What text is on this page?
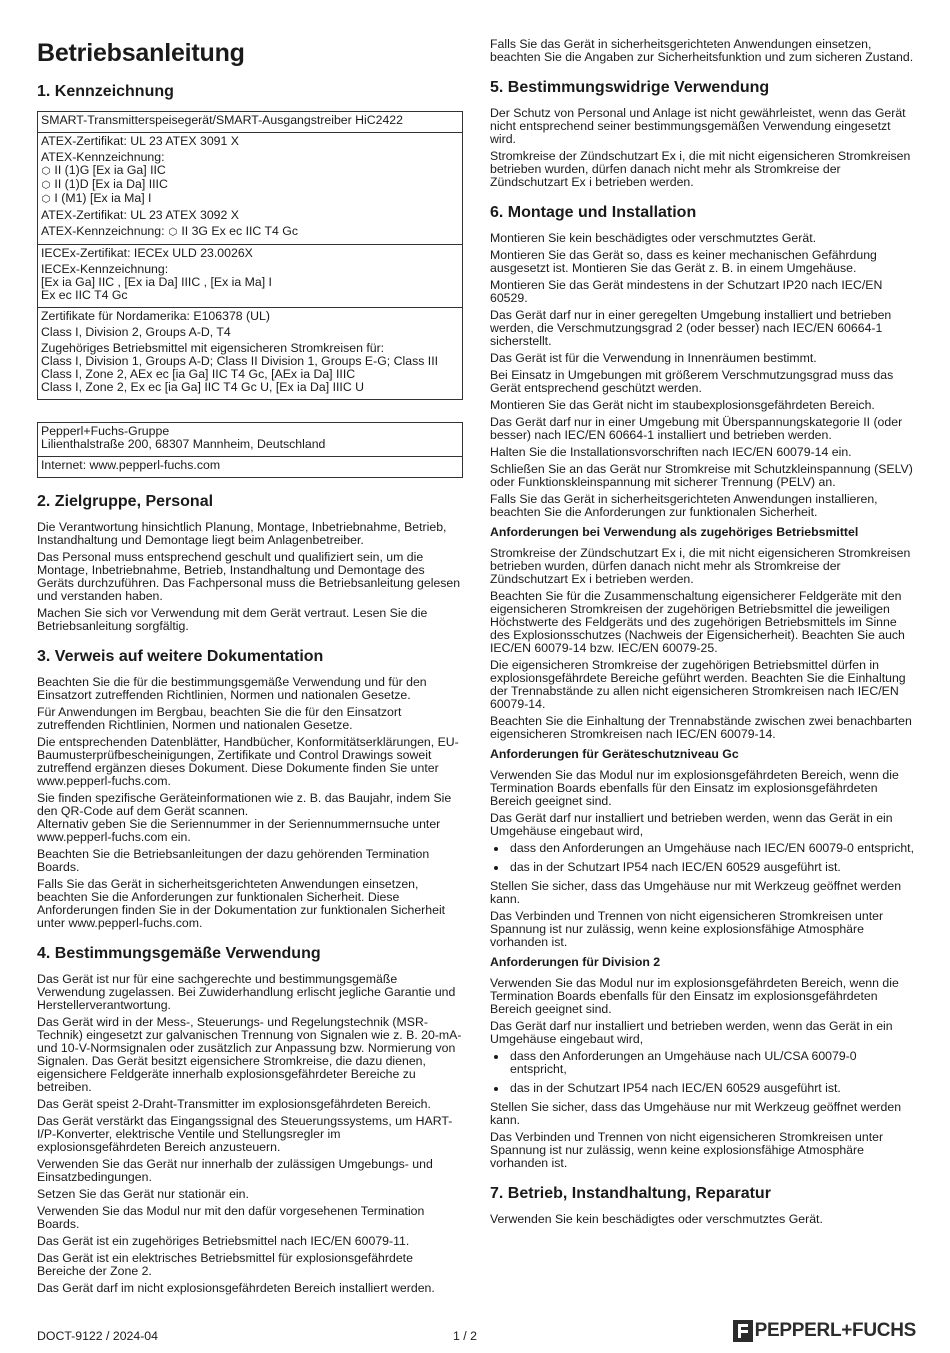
Betriebsanleitung
1. Kennzeichnung

SMART-Transmitterspeisegerät/SMART-Ausgangstreiber HiC2422

ATEX-Zertifikat: UL 23 ATEX 3091 X

ATEX-Kennzeichnung:
⬡ II (1)G [Ex ia Ga] IIC
⬡ II (1)D [Ex ia Da] IIIC
⬡ I (M1) [Ex ia Ma] I

ATEX-Zertifikat: UL 23 ATEX 3092 X

ATEX-Kennzeichnung: ⬡ II 3G Ex ec IIC T4 Gc

IECEx-Zertifikat: IECEx ULD 23.0026X

IECEx-Kennzeichnung:
[Ex ia Ga] IIC , [Ex ia Da] IIIC , [Ex ia Ma] I
Ex ec IIC T4 Gc

Zertifikate für Nordamerika: E106378 (UL)

Class I, Division 2, Groups A-D, T4

Zugehöriges Betriebsmittel mit eigensicheren Stromkreisen für:
Class I, Division 1, Groups A-D; Class II Division 1, Groups E-G; Class III
Class I, Zone 2, AEx ec [ia Ga] IIC T4 Gc, [AEx ia Da] IIIC
Class I, Zone 2, Ex ec [ia Ga] IIC T4 Gc U, [Ex ia Da] IIIC U

Pepperl+Fuchs-Gruppe
Lilienthalstraße 200, 68307 Mannheim, Deutschland

Internet: www.pepperl-fuchs.com

2. Zielgruppe, Personal

Die Verantwortung hinsichtlich Planung, Montage, Inbetriebnahme, Betrieb, Instandhaltung und Demontage liegt beim Anlagenbetreiber.

Das Personal muss entsprechend geschult und qualifiziert sein, um die Montage, Inbetriebnahme, Betrieb, Instandhaltung und Demontage des Geräts durchzuführen. Das Fachpersonal muss die Betriebsanleitung gelesen und verstanden haben.

Machen Sie sich vor Verwendung mit dem Gerät vertraut. Lesen Sie die Betriebsanleitung sorgfältig.

3. Verweis auf weitere Dokumentation

Beachten Sie die für die bestimmungsgemäße Verwendung und für den Einsatzort zutreffenden Richtlinien, Normen und nationalen Gesetze.

Für Anwendungen im Bergbau, beachten Sie die für den Einsatzort zutreffenden Richtlinien, Normen und nationalen Gesetze.

Die entsprechenden Datenblätter, Handbücher, Konformitätserklärungen, EU-Baumusterprüfbescheinigungen, Zertifikate und Control Drawings soweit zutreffend ergänzen dieses Dokument. Diese Dokumente finden Sie unter www.pepperl-fuchs.com.

Sie finden spezifische Geräteinformationen wie z. B. das Baujahr, indem Sie den QR-Code auf dem Gerät scannen.

Alternativ geben Sie die Seriennummer in der Seriennummernsuche unter www.pepperl-fuchs.com ein.

Beachten Sie die Betriebsanleitungen der dazu gehörenden Termination Boards.

Falls Sie das Gerät in sicherheitsgerichteten Anwendungen einsetzen, beachten Sie die Anforderungen zur funktionalen Sicherheit. Diese Anforderungen finden Sie in der Dokumentation zur funktionalen Sicherheit unter www.pepperl-fuchs.com.

4. Bestimmungsgemäße Verwendung

Das Gerät ist nur für eine sachgerechte und bestimmungsgemäße Verwendung zugelassen. Bei Zuwiderhandlung erlischt jegliche Garantie und Herstellerverantwortung.

Das Gerät wird in der Mess-, Steuerungs- und Regelungstechnik (MSR-Technik) eingesetzt zur galvanischen Trennung von Signalen wie z. B. 20-mA- und 10-V-Normsignalen oder zusätzlich zur Anpassung bzw. Normierung von Signalen. Das Gerät besitzt eigensichere Stromkreise, die dazu dienen, eigensichere Feldgeräte innerhalb explosionsgefährdeter Bereiche zu betreiben.

Das Gerät speist 2-Draht-Transmitter im explosionsgefährdeten Bereich.

Das Gerät verstärkt das Eingangssignal des Steuerungssystems, um HART-I/P-Konverter, elektrische Ventile und Stellungsregler im explosionsgefährdeten Bereich anzusteuern.

Verwenden Sie das Gerät nur innerhalb der zulässigen Umgebungs- und Einsatzbedingungen.

Setzen Sie das Gerät nur stationär ein.

Verwenden Sie das Modul nur mit den dafür vorgesehenen Termination Boards.

Das Gerät ist ein zugehöriges Betriebsmittel nach IEC/EN 60079-11.

Das Gerät ist ein elektrisches Betriebsmittel für explosionsgefährdete Bereiche der Zone 2.

Das Gerät darf im nicht explosionsgefährdeten Bereich installiert werden.

Falls Sie das Gerät in sicherheitsgerichteten Anwendungen einsetzen, beachten Sie die Angaben zur Sicherheitsfunktion und zum sicheren Zustand.

5. Bestimmungswidrige Verwendung

Der Schutz von Personal und Anlage ist nicht gewährleistet, wenn das Gerät nicht entsprechend seiner bestimmungsgemäßen Verwendung eingesetzt wird.

Stromkreise der Zündschutzart Ex i, die mit nicht eigensicheren Stromkreisen betrieben wurden, dürfen danach nicht mehr als Stromkreise der Zündschutzart Ex i betrieben werden.

6. Montage und Installation

Montieren Sie kein beschädigtes oder verschmutztes Gerät.

Montieren Sie das Gerät so, dass es keiner mechanischen Gefährdung ausgesetzt ist. Montieren Sie das Gerät z. B. in einem Umgehäuse.

Montieren Sie das Gerät mindestens in der Schutzart IP20 nach IEC/EN 60529.

Das Gerät darf nur in einer geregelten Umgebung installiert und betrieben werden, die Verschmutzungsgrad 2 (oder besser) nach IEC/EN 60664-1 sicherstellt.

Das Gerät ist für die Verwendung in Innenräumen bestimmt.

Bei Einsatz in Umgebungen mit größerem Verschmutzungsgrad muss das Gerät entsprechend geschützt werden.

Montieren Sie das Gerät nicht im staubexplosionsgefährdeten Bereich.

Das Gerät darf nur in einer Umgebung mit Überspannungskategorie II (oder besser) nach IEC/EN 60664-1 installiert und betrieben werden.

Halten Sie die Installationsvorschriften nach IEC/EN 60079-14 ein.

Schließen Sie an das Gerät nur Stromkreise mit Schutzkleinspannung (SELV) oder Funktionskleinspannung mit sicherer Trennung (PELV) an.

Falls Sie das Gerät in sicherheitsgerichteten Anwendungen installieren, beachten Sie die Anforderungen zur funktionalen Sicherheit.

Anforderungen bei Verwendung als zugehöriges Betriebsmittel

Stromkreise der Zündschutzart Ex i, die mit nicht eigensicheren Stromkreisen betrieben wurden, dürfen danach nicht mehr als Stromkreise der Zündschutzart Ex i betrieben werden.

Beachten Sie für die Zusammenschaltung eigensicherer Feldgeräte mit den eigensicheren Stromkreisen der zugehörigen Betriebsmittel die jeweiligen Höchstwerte des Feldgeräts und des zugehörigen Betriebsmittels im Sinne des Explosionsschutzes (Nachweis der Eigensicherheit). Beachten Sie auch IEC/EN 60079-14 bzw. IEC/EN 60079-25.

Die eigensicheren Stromkreise der zugehörigen Betriebsmittel dürfen in explosionsgefährdete Bereiche geführt werden. Beachten Sie die Einhaltung der Trennabstände zu allen nicht eigensicheren Stromkreisen nach IEC/EN 60079-14.

Beachten Sie die Einhaltung der Trennabstände zwischen zwei benachbarten eigensicheren Stromkreisen nach IEC/EN 60079-14.

Anforderungen für Geräteschutzniveau Gc

Verwenden Sie das Modul nur im explosionsgefährdeten Bereich, wenn die Termination Boards ebenfalls für den Einsatz im explosionsgefährdeten Bereich geeignet sind.

Das Gerät darf nur installiert und betrieben werden, wenn das Gerät in ein Umgehäuse eingebaut wird,

• dass den Anforderungen an Umgehäuse nach IEC/EN 60079-0 entspricht,
• das in der Schutzart IP54 nach IEC/EN 60529 ausgeführt ist.

Stellen Sie sicher, dass das Umgehäuse nur mit Werkzeug geöffnet werden kann.

Das Verbinden und Trennen von nicht eigensicheren Stromkreisen unter Spannung ist nur zulässig, wenn keine explosionsfähige Atmosphäre vorhanden ist.

Anforderungen für Division 2

Verwenden Sie das Modul nur im explosionsgefährdeten Bereich, wenn die Termination Boards ebenfalls für den Einsatz im explosionsgefährdeten Bereich geeignet sind.

Das Gerät darf nur installiert und betrieben werden, wenn das Gerät in ein Umgehäuse eingebaut wird,

• dass den Anforderungen an Umgehäuse nach UL/CSA 60079-0 entspricht,
• das in der Schutzart IP54 nach IEC/EN 60529 ausgeführt ist.

Stellen Sie sicher, dass das Umgehäuse nur mit Werkzeug geöffnet werden kann.

Das Verbinden und Trennen von nicht eigensicheren Stromkreisen unter Spannung ist nur zulässig, wenn keine explosionsfähige Atmosphäre vorhanden ist.

7. Betrieb, Instandhaltung, Reparatur

Verwenden Sie kein beschädigtes oder verschmutztes Gerät.

DOCT-9122 / 2024-04	1 / 2	PEPPERL+FUCHS
